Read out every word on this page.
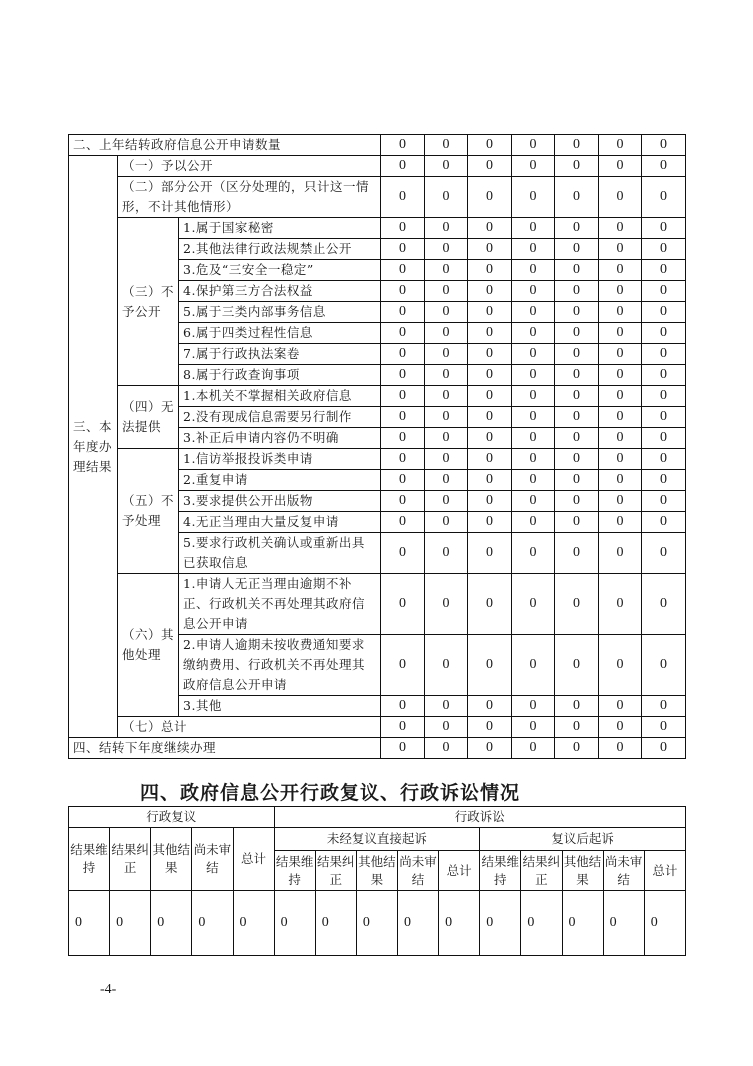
二、上年结转政府信息公开申请数量			0	0	0	0	0	0	0
三、本年度办理结果	（一）予以公开		0	0	0	0	0	0	0
	（二）部分公开（区分处理的，只计这一情形，不计其他情形）		0	0	0	0	0	0	0
	（三）不予公开	1.属于国家秘密	0	0	0	0	0	0	0
		2.其他法律行政法规禁止公开	0	0	0	0	0	0	0
		3.危及“三安全一稳定”	0	0	0	0	0	0	0
		4.保护第三方合法权益	0	0	0	0	0	0	0
		5.属于三类内部事务信息	0	0	0	0	0	0	0
		6.属于四类过程性信息	0	0	0	0	0	0	0
		7.属于行政执法案卷	0	0	0	0	0	0	0
		8.属于行政查询事项	0	0	0	0	0	0	0
	（四）无法提供	1.本机关不掌握相关政府信息	0	0	0	0	0	0	0
		2.没有现成信息需要另行制作	0	0	0	0	0	0	0
		3.补正后申请内容仍不明确	0	0	0	0	0	0	0
	（五）不予处理	1.信访举报投诉类申请	0	0	0	0	0	0	0
		2.重复申请	0	0	0	0	0	0	0
		3.要求提供公开出版物	0	0	0	0	0	0	0
		4.无正当理由大量反复申请	0	0	0	0	0	0	0
		5.要求行政机关确认或重新出具已获取信息	0	0	0	0	0	0	0
	（六）其他处理	1.申请人无正当理由逾期不补正、行政机关不再处理其政府信息公开申请	0	0	0	0	0	0	0
		2.申请人逾期未按收费通知要求缴纳费用、行政机关不再处理其政府信息公开申请	0	0	0	0	0	0	0
		3.其他	0	0	0	0	0	0	0
	（七）总计		0	0	0	0	0	0	0
四、结转下年度继续办理			0	0	0	0	0	0	0
四、政府信息公开行政复议、行政诉讼情况
行政复议					行政诉讼									
结果维持	结果纠正	其他结果	尚未审结	总计	未经复议直接起诉					复议后起诉				
					结果维持	结果纠正	其他结果	尚未审结	总计	结果维持	结果纠正	其他结果	尚未审结	总计
0	0	0	0	0	0	0	0	0	0	0	0	0	0	0
-4-
